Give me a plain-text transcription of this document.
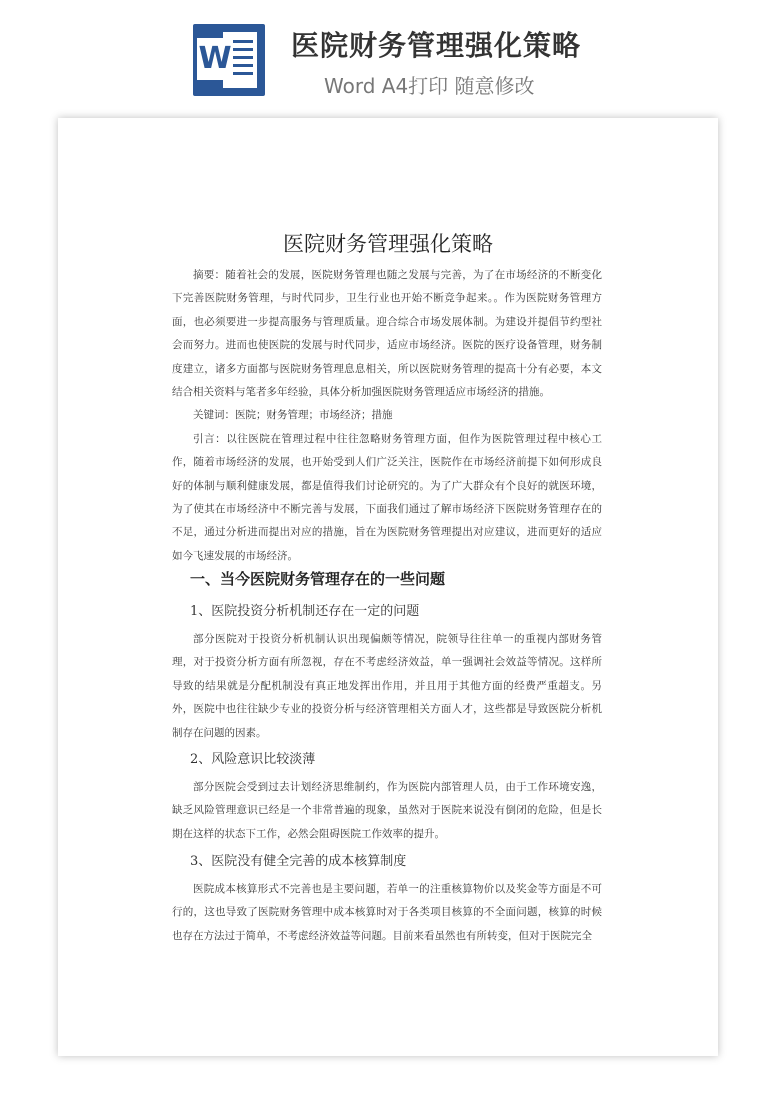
W 医院财务管理强化策略
Word A4打印 随意修改
医院财务管理强化策略

摘要：随着社会的发展，医院财务管理也随之发展与完善，为了在市场经济的不断变化下完善医院财务管理，与时代同步，卫生行业也开始不断竞争起来。。作为医院财务管理方面，也必须要进一步提高服务与管理质量。迎合综合市场发展体制。为建设并提倡节约型社会而努力。进而也使医院的发展与时代同步，适应市场经济。医院的医疗设备管理，财务制度建立，诸多方面都与医院财务管理息息相关，所以医院财务管理的提高十分有必要，本文结合相关资料与笔者多年经验，具体分析加强医院财务管理适应市场经济的措施。

关键词：医院；财务管理；市场经济；措施

引言：以往医院在管理过程中往往忽略财务管理方面，但作为医院管理过程中核心工作，随着市场经济的发展，也开始受到人们广泛关注，医院作在市场经济前提下如何形成良好的体制与顺利健康发展，都是值得我们讨论研究的。为了广大群众有个良好的就医环境，为了使其在市场经济中不断完善与发展，下面我们通过了解市场经济下医院财务管理存在的不足，通过分析进而提出对应的措施，旨在为医院财务管理提出对应建议，进而更好的适应如今飞速发展的市场经济。

一、当今医院财务管理存在的一些问题
1、医院投资分析机制还存在一定的问题

部分医院对于投资分析机制认识出现偏颇等情况，院领导往往单一的重视内部财务管理，对于投资分析方面有所忽视，存在不考虑经济效益，单一强调社会效益等情况。这样所导致的结果就是分配机制没有真正地发挥出作用，并且用于其他方面的经费严重超支。另外，医院中也往往缺少专业的投资分析与经济管理相关方面人才，这些都是导致医院分析机制存在问题的因素。

2、风险意识比较淡薄

部分医院会受到过去计划经济思维制约，作为医院内部管理人员，由于工作环境安逸，缺乏风险管理意识已经是一个非常普遍的现象，虽然对于医院来说没有倒闭的危险，但是长期在这样的状态下工作，必然会阻碍医院工作效率的提升。

3、医院没有健全完善的成本核算制度

医院成本核算形式不完善也是主要问题，若单一的注重核算物价以及奖金等方面是不可行的，这也导致了医院财务管理中成本核算时对于各类项目核算的不全面问题，核算的时候也存在方法过于简单，不考虑经济效益等问题。目前来看虽然也有所转变，但对于医院完全
